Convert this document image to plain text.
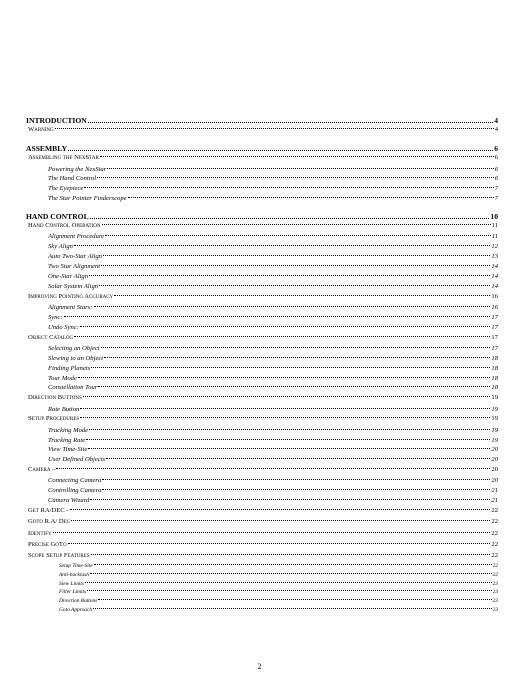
INTRODUCTION	4
Warning	4
ASSEMBLY	6
Assembling the NexStar	6
Powering the NexStar	6
The Hand Control	6
The Eyepiece	7
The Star Pointer Finderscope	7
HAND CONTROL	10
Hand Control Operation	11
Alignment Procedure	11
Sky Align	12
Auto Two-Star Align	13
Two Star Alignment	14
One-Star Align	14
Solar System Align	14
Improving Pointing Accuracy	16
Alignment Stars:	16
Sync:	17
Undo Sync:	17
Object Catalog	17
Selecting an Object	17
Slewing to an Object	18
Finding Planets	18
Tour Mode	18
Constellation Tour	18
Direction Buttons	19
Rate Button	19
Setup Procedures	19
Tracking Mode	19
Tracking Rate	19
View Time-Site	20
User Defined Objects	20
Camera –	20
Connecting Camera	20
Controlling Camera	21
Camera Wizard	21
Get RA/DEC -	22
Goto R.A/ Dec	22
Identify	22
Precise GoTo	22
Scope Setup Features	22
Setup Time-Site	22
Anti-backlash	22
Slew Limits	23
Filter Limits	23
Direction Buttons	23
Goto Approach	23
2
